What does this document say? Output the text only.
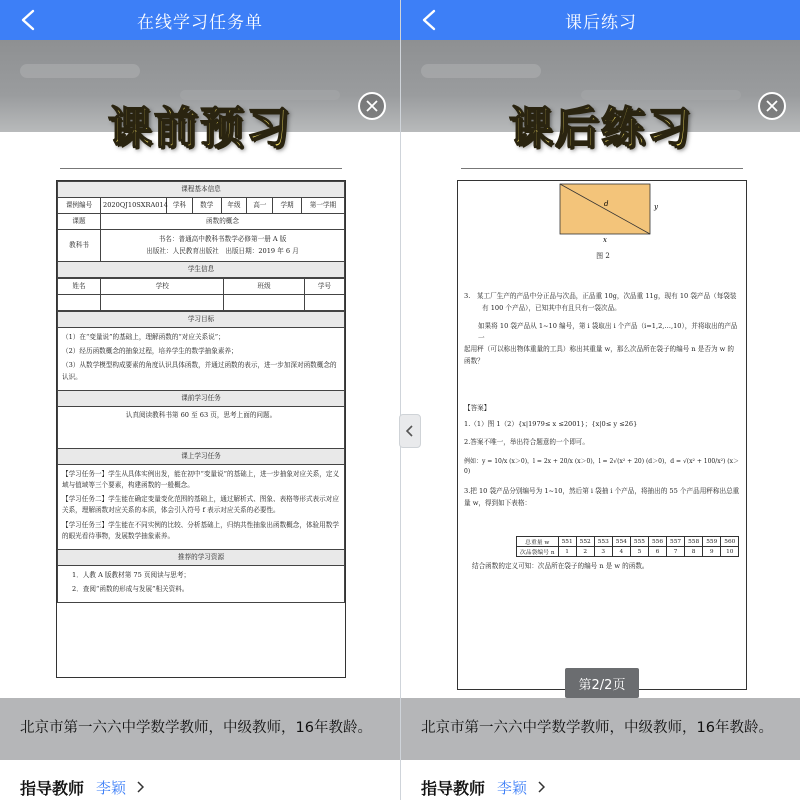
在线学习任务单
课前预习
课程基本信息							
课例编号	2020QJ10SXRA014	学科	数学	年级	高一	学期	第一学期
课题	函数的概念						
教科书	书名：普通高中教科书数学必修第一册 A 版
出版社：人民教育出版社　出版日期：2019 年 6 月						

学生信息							
姓名	学校	班级	学号

学习目标

（1）在“变量说”的基础上，理解函数的“对应关系说”；

（2）经历函数概念的抽象过程，培养学生的数学抽象素养；

（3）从数学模型构成要素的角度认识具体函数，并通过函数的表示，进一步加深对函数概念的认识。

课前学习任务
认真阅读教科书第 60 至 63 页，思考上面的问题。
课上学习任务

【学习任务一】学生从具体实例出发，能在初中“变量说”的基础上，进一步抽象对应关系，定义域与值域等三个要素，构建函数的一般概念。

【学习任务二】学生能在确定变量变化范围的基础上，通过解析式、图象、表格等形式表示对应关系，理解函数对应关系的本质，体会引入符号 f 表示对应关系的必要性。

【学习任务三】学生能在不同实例的比较、分析基础上，归纳共性抽象出函数概念，体验用数学的眼光看待事物，发展数学抽象素养。

推荐的学习资源

1．人教 A 版教材第 75 页阅读与思考；

2．查阅“函数的形成与发展”相关资料。

北京市第一六六中学数学教师，中级教师，16年教龄。
指导教师 李颖
课后练习
课后练习
d	y
x
图 2
3.　某工厂生产的产品中分正品与次品，正品重 10g，次品重 11g，现有 10 袋产品（每袋装
有 100 个产品），已知其中有且只有一袋次品。
如果将 10 袋产品从 1~10 编号，第 i 袋取出 i 个产品（i=1,2,…,10），并将取出的产品一
起用秤（可以称出物体重量的工具）称出其重量 w，那么次品所在袋子的编号 n 是否为 w 的
函数？
【答案】
1.（1）图 1（2）{x|1979≤ x ≤2001}；{x|0≤ y ≤26}
2.答案不唯一，举出符合题意的一个即可。
例如：y = 10/x (x＞0)，l = 2x + 20/x (x＞0)，l = 2√(x² + 20) (d＞0)，d = √(x² + 100/x²) (x＞0)
3.把 10 袋产品分别编号为 1~10，然后第 i 袋抽 i 个产品，将抽出的 55 个产品用秤称出总重
量 w，得到如下表格：
总重量 w	551	552	553	554	555	556	557	558	559	560
次品袋编号 n	1	2	3	4	5	6	7	8	9	10
结合函数的定义可知：次品所在袋子的编号 n 是 w 的函数。
第2/2页
北京市第一六六中学数学教师，中级教师，16年教龄。
指导教师 李颖
